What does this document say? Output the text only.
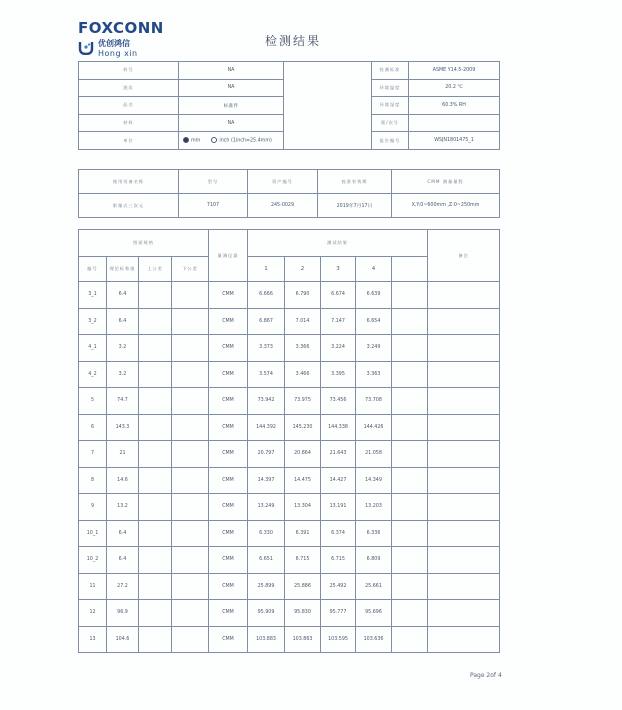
FOXCONN
优创鸿信
Hong xin
检测结果
料号	NA		检测标准	ASME Y14.5-2009
批次	NA		环境温度	20.2 ℃
品名	标准件		环境湿度	60.3% RH
材料	NA		版/次号	
单位	mm inch (1inch=25.4mm)		报告编号	WSJN1801475_1
使用设备名称	型号	资产编号	校准有效期	CMM 测量量程
影像式三次元	7107	245-0029	2019年7月17日	X,Y:0~600mm ,Z:0~250mm
图面规格				量测仪器	测试结果					备注
编号	理论标称值	上公差	下公差		1	2	3	4		
3_1	6.4			CMM	6.666	6.790	6.674	6.639		
3_2	6.4			CMM	6.867	7.014	7.147	6.654		
4_1	3.2			CMM	3.373	3.366	3.224	3.249		
4_2	3.2			CMM	3.574	3.466	3.395	3.363		
5	74.7			CMM	73.942	73.975	73.456	73.708		
6	143.3			CMM	144.392	145.230	144.338	144.426		
7	21			CMM	20.797	20.864	21.643	21.058		
8	14.6			CMM	14.397	14.475	14.427	14.349		
9	13.2			CMM	13.249	13.304	13.191	13.203		
10_1	6.4			CMM	6.330	6.391	6.374	6.336		
10_2	6.4			CMM	6.651	6.715	6.715	6.809		
11	27.2			CMM	25.899	25.886	25.492	25.661		
12	96.9			CMM	95.909	95.830	95.777	95.696		
13	104.6			CMM	103.883	103.863	103.595	103.636		
Page 2of 4
